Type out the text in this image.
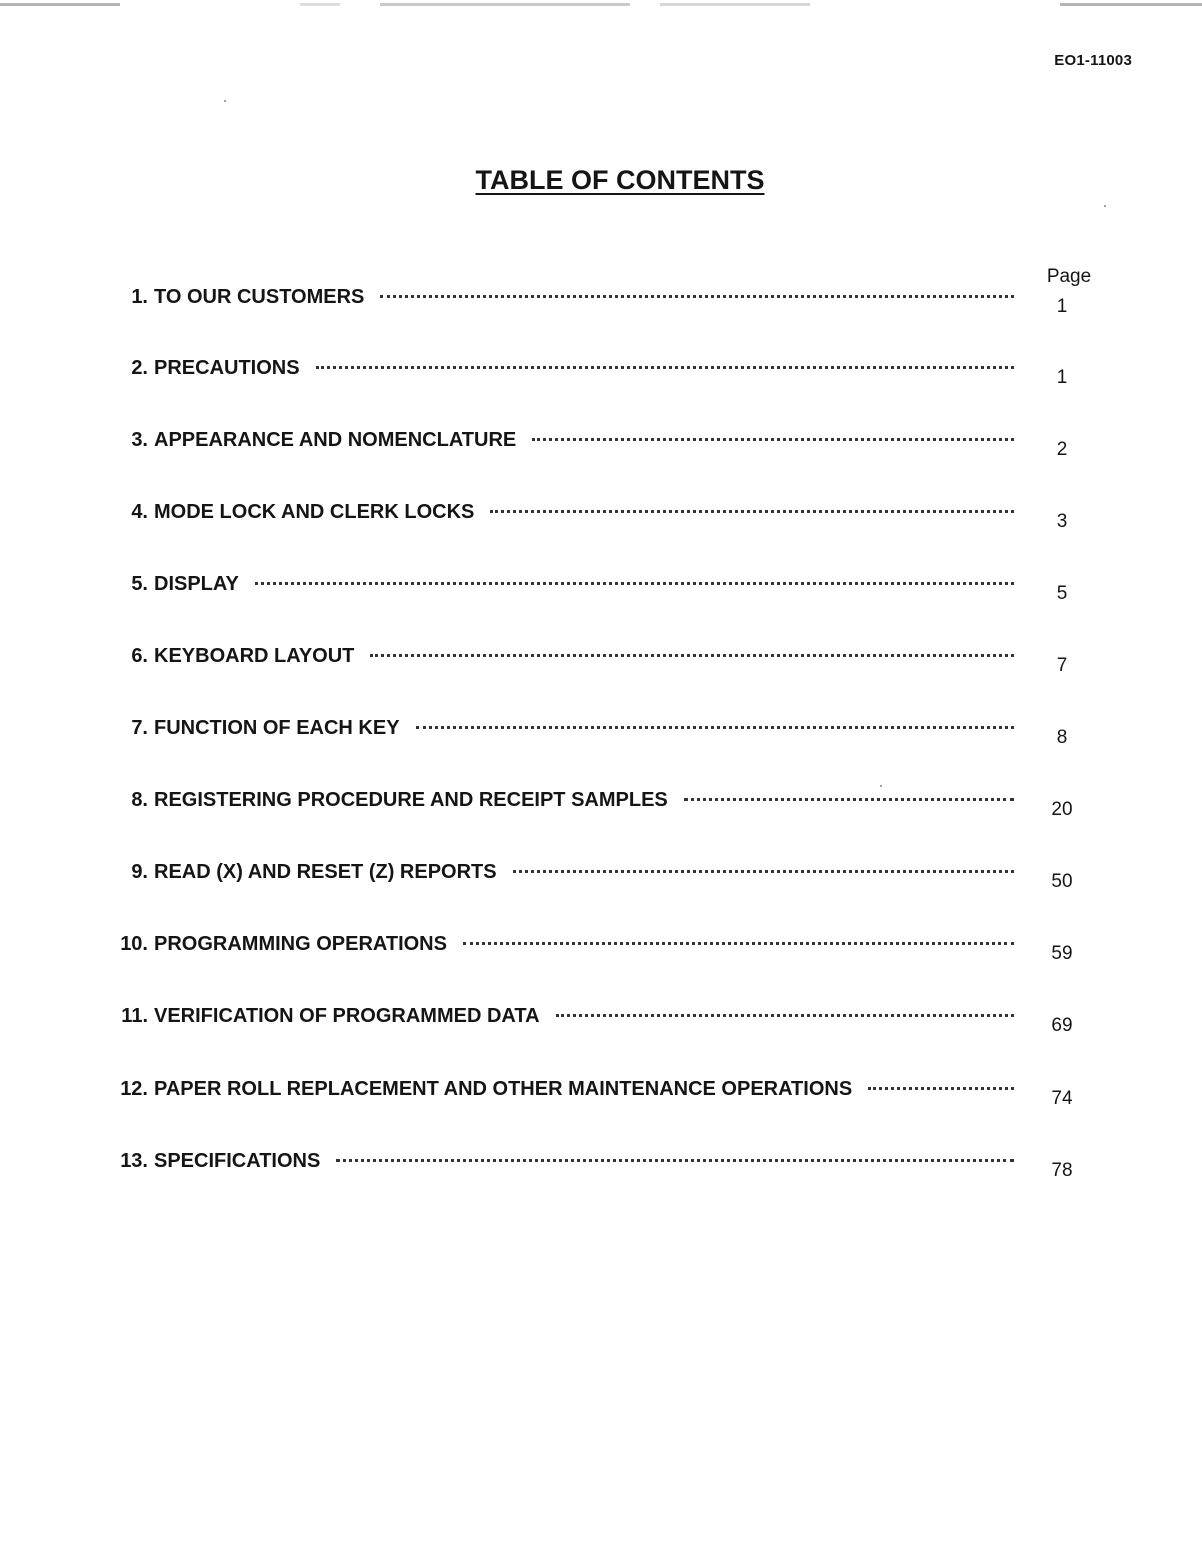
EO1-11003
TABLE OF CONTENTS
Page
1. TO OUR CUSTOMERS	1
2. PRECAUTIONS	1
3. APPEARANCE AND NOMENCLATURE	2
4. MODE LOCK AND CLERK LOCKS	3
5. DISPLAY	5
6. KEYBOARD LAYOUT	7
7. FUNCTION OF EACH KEY	8
8. REGISTERING PROCEDURE AND RECEIPT SAMPLES	20
9. READ (X) AND RESET (Z) REPORTS	50
10. PROGRAMMING OPERATIONS	59
11. VERIFICATION OF PROGRAMMED DATA	69
12. PAPER ROLL REPLACEMENT AND OTHER MAINTENANCE OPERATIONS	74
13. SPECIFICATIONS	78
